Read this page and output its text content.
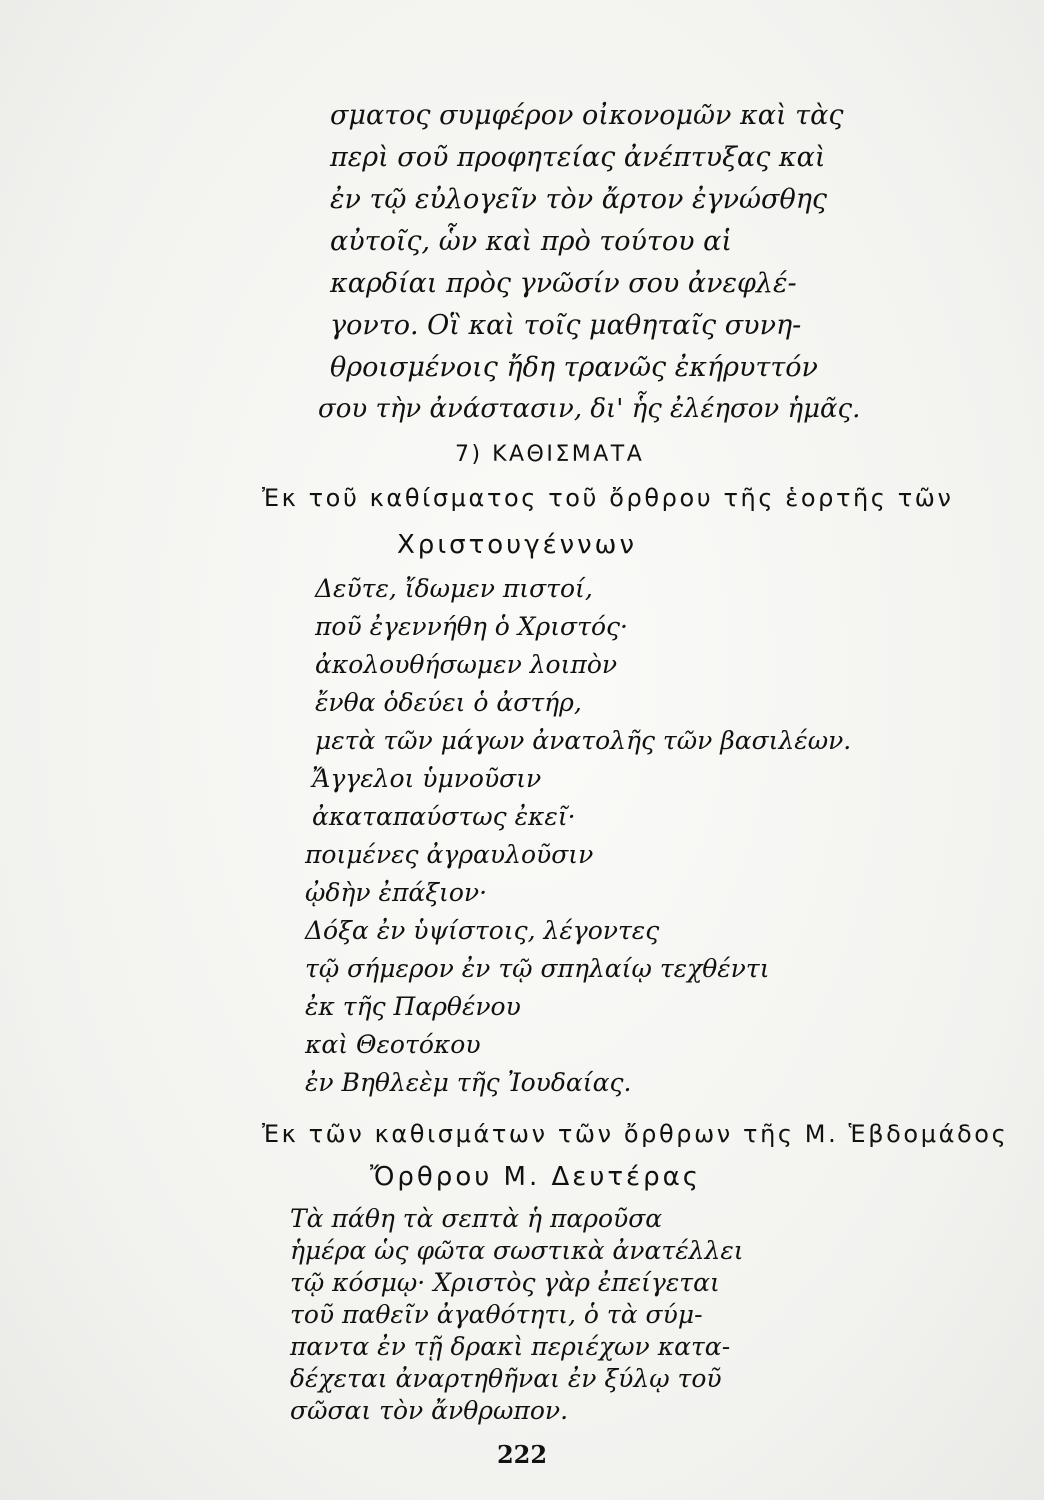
σματος συμφέρον οἰκονομῶν καὶ τὰς
περὶ σοῦ προφητείας ἀνέπτυξας καὶ
ἐν τῷ εὐλογεῖν τὸν ἄρτον ἐγνώσθης
αὐτοῖς, ὧν καὶ πρὸ τούτου αἱ
καρδίαι πρὸς γνῶσίν σου ἀνεφλέ-
γοντο. Οἳ καὶ τοῖς μαθηταῖς συνη-
θροισμένοις ἤδη τρανῶς ἐκήρυττόν
σου τὴν ἀνάστασιν, δι' ἧς ἐλέησον ἡμᾶς.
7) ΚΑΘΙΣΜΑΤΑ
Ἐκ τοῦ καθίσματος τοῦ ὄρθρου τῆς ἑορτῆς τῶν
Χριστουγέννων
Δεῦτε, ἴδωμεν πιστοί,
ποῦ ἐγεννήθη ὁ Χριστός·
ἀκολουθήσωμεν λοιπὸν
ἔνθα ὁδεύει ὁ ἀστήρ,
μετὰ τῶν μάγων ἀνατολῆς τῶν βασιλέων.
Ἄγγελοι ὑμνοῦσιν
ἀκαταπαύστως ἐκεῖ·
ποιμένες ἀγραυλοῦσιν
ᾠδὴν ἐπάξιον·
Δόξα ἐν ὑψίστοις, λέγοντες
τῷ σήμερον ἐν τῷ σπηλαίῳ τεχθέντι
ἐκ τῆς Παρθένου
καὶ Θεοτόκου
ἐν Βηθλεὲμ τῆς Ἰουδαίας.
Ἐκ τῶν καθισμάτων τῶν ὄρθρων τῆς Μ. Ἑβδομάδος
Ὄρθρου Μ. Δευτέρας
222
Τὰ πάθη τὰ σεπτὰ ἡ παροῦσα
ἡμέρα ὡς φῶτα σωστικὰ ἀνατέλλει
τῷ κόσμῳ· Χριστὸς γὰρ ἐπείγεται
τοῦ παθεῖν ἀγαθότητι, ὁ τὰ σύμ-
παντα ἐν τῇ δρακὶ περιέχων κατα-
δέχεται ἀναρτηθῆναι ἐν ξύλῳ τοῦ
σῶσαι τὸν ἄνθρωπον.
